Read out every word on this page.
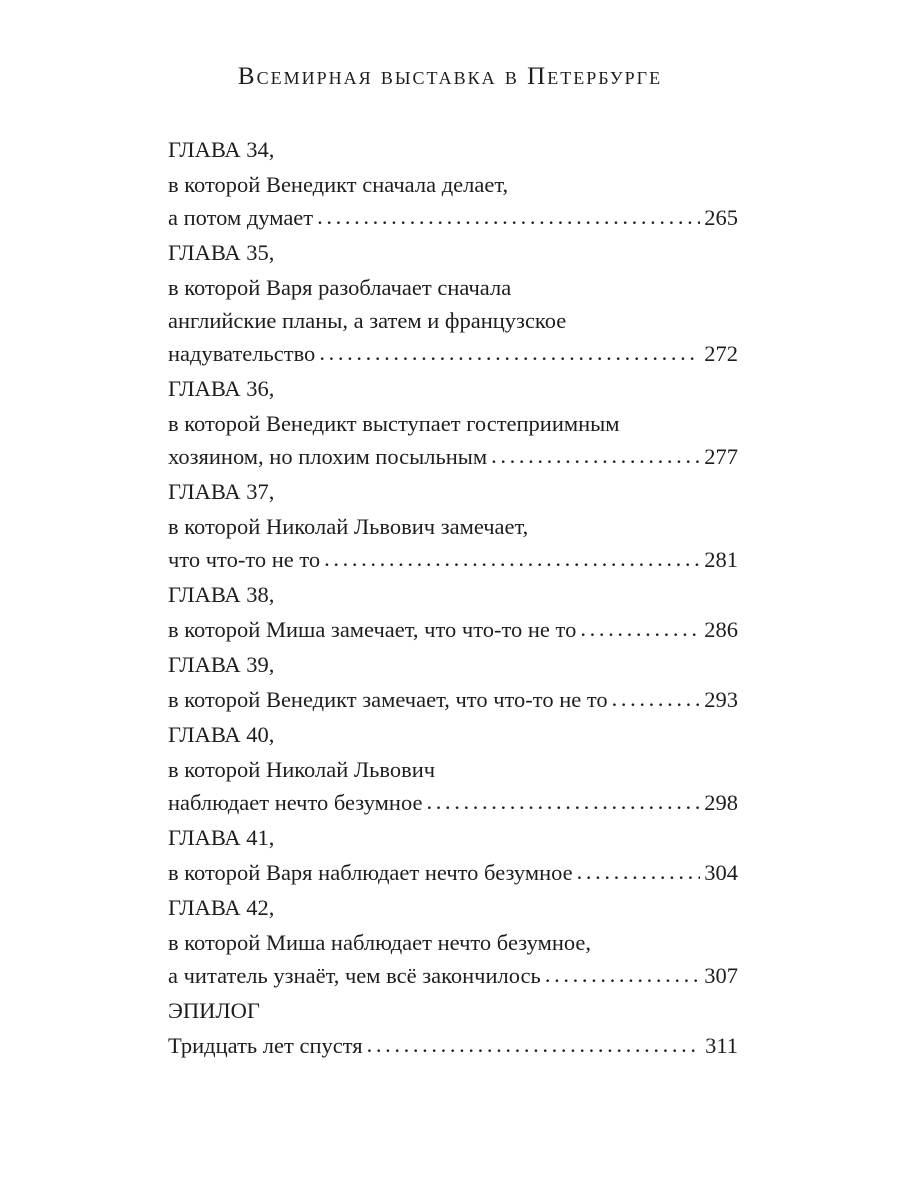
Всемирная выставка в Петербурге
ГЛАВА 34,
в которой Венедикт сначала делает,
а потом думает . . .	265
ГЛАВА 35,
в которой Варя разоблачает сначала
английские планы, а затем и французское
надувательство . . .	272
ГЛАВА 36,
в которой Венедикт выступает гостеприимным
хозяином, но плохим посыльным . . .	277
ГЛАВА 37,
в которой Николай Львович замечает,
что что-то не то . . .	281
ГЛАВА 38,
в которой Миша замечает, что что-то не то . . .	286
ГЛАВА 39,
в которой Венедикт замечает, что что-то не то . . .	293
ГЛАВА 40,
в которой Николай Львович
наблюдает нечто безумное . . .	298
ГЛАВА 41,
в которой Варя наблюдает нечто безумное . . .	304
ГЛАВА 42,
в которой Миша наблюдает нечто безумное,
а читатель узнаёт, чем всё закончилось . . .	307
ЭПИЛОГ
Тридцать лет спустя . . .	311
